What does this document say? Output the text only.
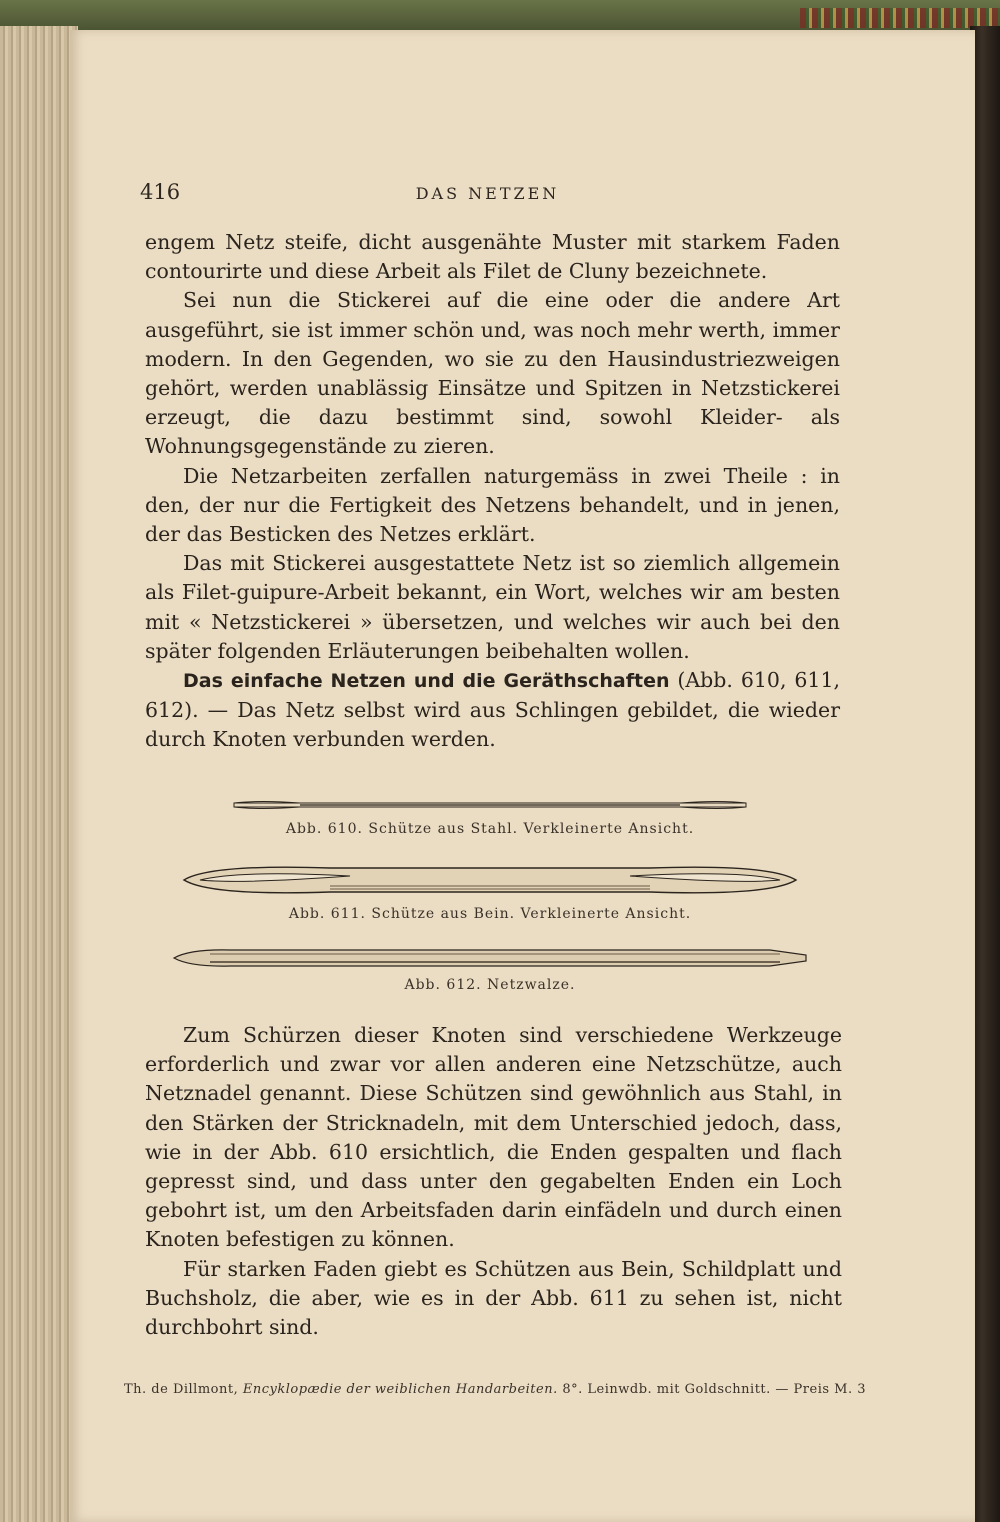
416	DAS NETZEN

engem Netz steife, dicht ausgenähte Muster mit starkem Faden contourirte und diese Arbeit als Filet de Cluny bezeichnete.

Sei nun die Stickerei auf die eine oder die andere Art ausgeführt, sie ist immer schön und, was noch mehr werth, immer modern. In den Gegenden, wo sie zu den Hausindustriezweigen gehört, werden unablässig Einsätze und Spitzen in Netzstickerei erzeugt, die dazu bestimmt sind, sowohl Kleider- als Wohnungsgegenstände zu zieren.

Die Netzarbeiten zerfallen naturgemäss in zwei Theile : in den, der nur die Fertigkeit des Netzens behandelt, und in jenen, der das Besticken des Netzes erklärt.

Das mit Stickerei ausgestattete Netz ist so ziemlich allgemein als Filet-guipure-Arbeit bekannt, ein Wort, welches wir am besten mit « Netzstickerei » übersetzen, und welches wir auch bei den später folgenden Erläuterungen beibehalten wollen.

Das einfache Netzen und die Geräthschaften (Abb. 610, 611, 612). — Das Netz selbst wird aus Schlingen gebildet, die wieder durch Knoten verbunden werden.

Abb. 610. Schütze aus Stahl. Verkleinerte Ansicht.
Abb. 611. Schütze aus Bein. Verkleinerte Ansicht.
Abb. 612. Netzwalze.

Zum Schürzen dieser Knoten sind verschiedene Werkzeuge erforderlich und zwar vor allen anderen eine Netzschütze, auch Netznadel genannt. Diese Schützen sind gewöhnlich aus Stahl, in den Stärken der Stricknadeln, mit dem Unterschied jedoch, dass, wie in der Abb. 610 ersichtlich, die Enden gespalten und flach gepresst sind, und dass unter den gegabelten Enden ein Loch gebohrt ist, um den Arbeitsfaden darin einfädeln und durch einen Knoten befestigen zu können.

Für starken Faden giebt es Schützen aus Bein, Schildplatt und Buchsholz, die aber, wie es in der Abb. 611 zu sehen ist, nicht durchbohrt sind.

Th. de Dillmont, Encyklopædie der weiblichen Handarbeiten. 8°. Leinwdb. mit Goldschnitt. — Preis M. 3
